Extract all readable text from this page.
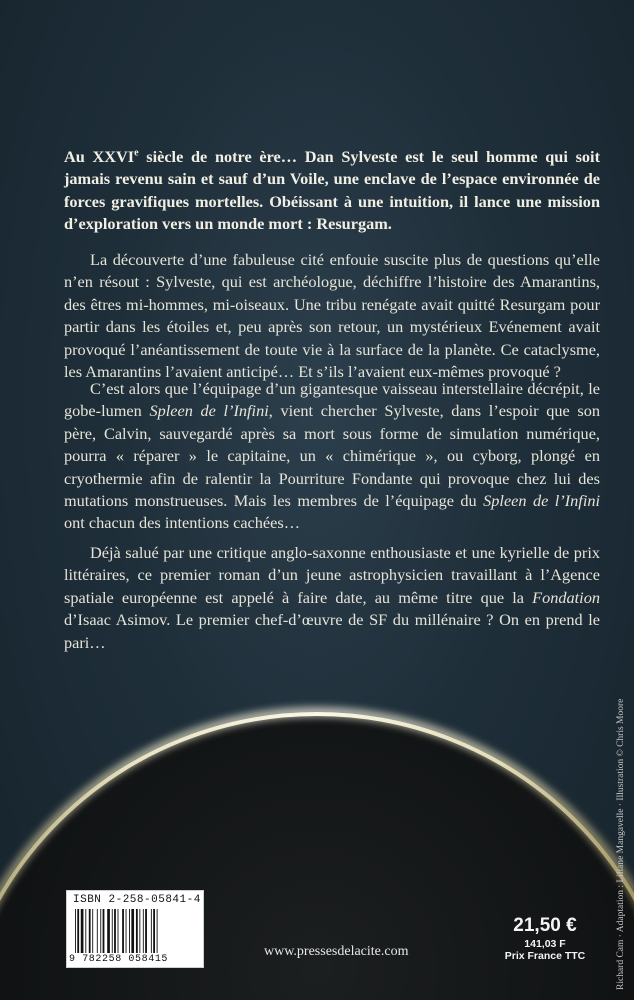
Au XXVIe siècle de notre ère… Dan Sylveste est le seul homme qui soit jamais revenu sain et sauf d’un Voile, une enclave de l’espace environnée de forces gravifiques mortelles. Obéissant à une intuition, il lance une mission d’exploration vers un monde mort : Resurgam.

La découverte d’une fabuleuse cité enfouie suscite plus de questions qu’elle n’en résout : Sylveste, qui est archéologue, déchiffre l’histoire des Amarantins, des êtres mi-hommes, mi-oiseaux. Une tribu renégate avait quitté Resurgam pour partir dans les étoiles et, peu après son retour, un mystérieux Evénement avait provoqué l’anéantissement de toute vie à la surface de la planète. Ce cataclysme, les Amarantins l’avaient anticipé… Et s’ils l’avaient eux-mêmes provoqué ?

C’est alors que l’équipage d’un gigantesque vaisseau interstellaire décrépit, le gobe-lumen Spleen de l’Infini, vient chercher Sylveste, dans l’espoir que son père, Calvin, sauvegardé après sa mort sous forme de simulation numérique, pourra « réparer » le capitaine, un « chimérique », ou cyborg, plongé en cryothermie afin de ralentir la Pourriture Fondante qui provoque chez lui des mutations monstrueuses. Mais les membres de l’équipage du Spleen de l’Infini ont chacun des intentions cachées…

Déjà salué par une critique anglo-saxonne enthousiaste et une kyrielle de prix littéraires, ce premier roman d’un jeune astrophysicien travaillant à l’Agence spatiale européenne est appelé à faire date, au même titre que la Fondation d’Isaac Asimov. Le premier chef-d’œuvre de SF du millénaire ? On en prend le pari…

Richard Cam · Adaptation : Liliane Mangavelle · Illustration © Chris Moore
ISBN 2-258-05841-4
9 782258 058415
www.pressesdelacite.com
21,50 €
141,03 F
Prix France TTC
